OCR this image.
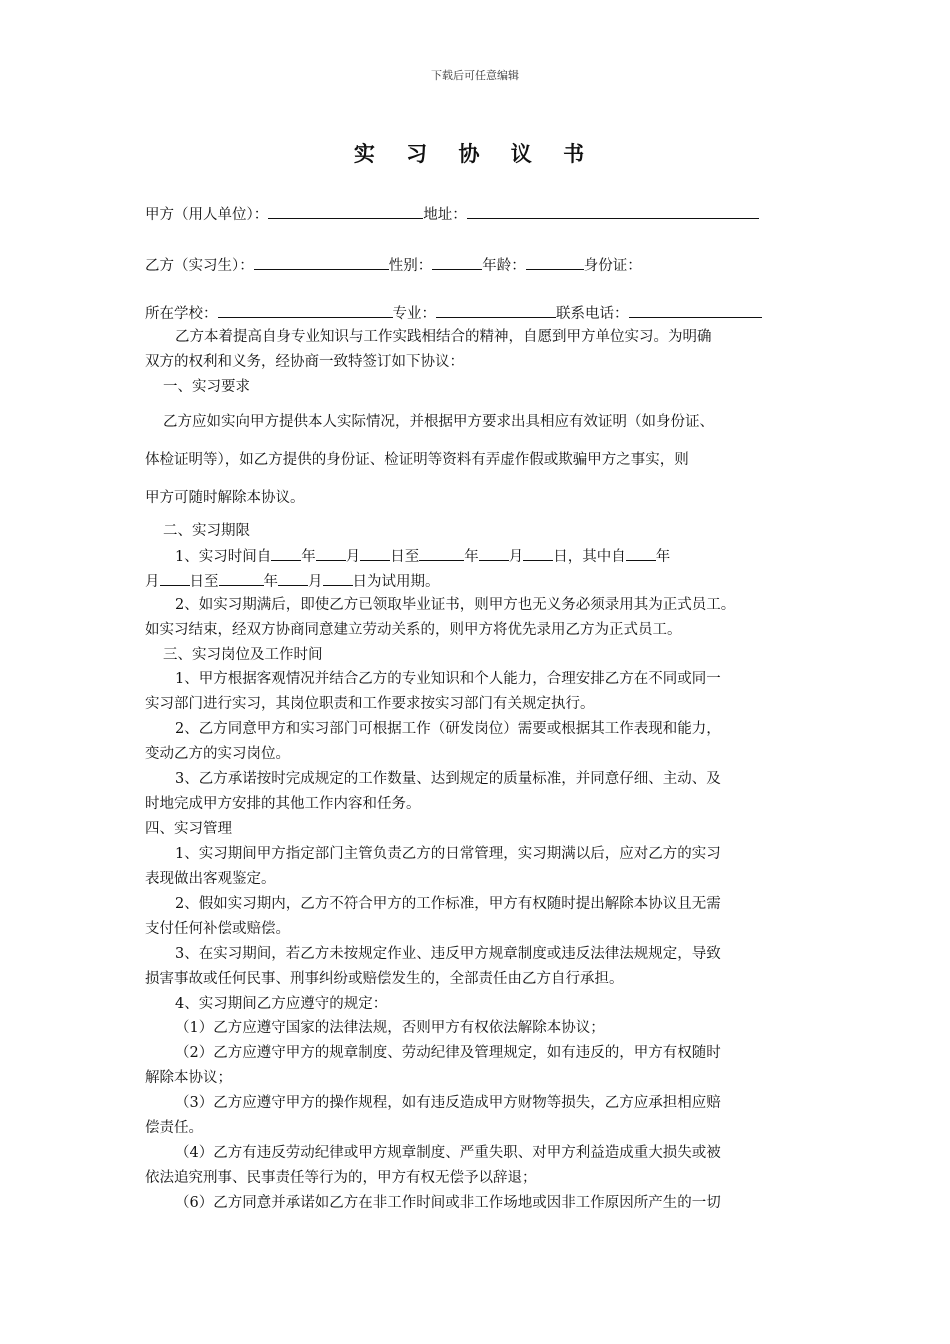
下载后可任意编辑
实 习 协 议 书
甲方（用人单位）：	地址：
乙方（实习生）：	性别：	年龄：	身份证：
所在学校：	专业：	联系电话：
乙方本着提高自身专业知识与工作实践相结合的精神，自愿到甲方单位实习。为明确
双方的权利和义务，经协商一致特签订如下协议：
一、实习要求
乙方应如实向甲方提供本人实际情况，并根据甲方要求出具相应有效证明（如身份证、
体检证明等），如乙方提供的身份证、检证明等资料有弄虚作假或欺骗甲方之事实，则
甲方可随时解除本协议。
二、实习期限
1、实习时间自 年 月 日至	年 月 日，其中自 年
月 日至	年 月 日为试用期。
2、如实习期满后，即使乙方已领取毕业证书，则甲方也无义务必须录用其为正式员工。
如实习结束，经双方协商同意建立劳动关系的，则甲方将优先录用乙方为正式员工。
三、实习岗位及工作时间
1、甲方根据客观情况并结合乙方的专业知识和个人能力，合理安排乙方在不同或同一
实习部门进行实习，其岗位职责和工作要求按实习部门有关规定执行。
2、乙方同意甲方和实习部门可根据工作（研发岗位）需要或根据其工作表现和能力，
变动乙方的实习岗位。
3、乙方承诺按时完成规定的工作数量、达到规定的质量标准，并同意仔细、主动、及
时地完成甲方安排的其他工作内容和任务。
四、实习管理
1、实习期间甲方指定部门主管负责乙方的日常管理，实习期满以后，应对乙方的实习
表现做出客观鉴定。
2、假如实习期内，乙方不符合甲方的工作标准，甲方有权随时提出解除本协议且无需
支付任何补偿或赔偿。
3、在实习期间，若乙方未按规定作业、违反甲方规章制度或违反法律法规规定，导致
损害事故或任何民事、刑事纠纷或赔偿发生的，全部责任由乙方自行承担。
4、实习期间乙方应遵守的规定：
（1）乙方应遵守国家的法律法规，否则甲方有权依法解除本协议；
（2）乙方应遵守甲方的规章制度、劳动纪律及管理规定，如有违反的，甲方有权随时
解除本协议；
（3）乙方应遵守甲方的操作规程，如有违反造成甲方财物等损失，乙方应承担相应赔
偿责任。
（4）乙方有违反劳动纪律或甲方规章制度、严重失职、对甲方利益造成重大损失或被
依法追究刑事、民事责任等行为的，甲方有权无偿予以辞退；
（6）乙方同意并承诺如乙方在非工作时间或非工作场地或因非工作原因所产生的一切
